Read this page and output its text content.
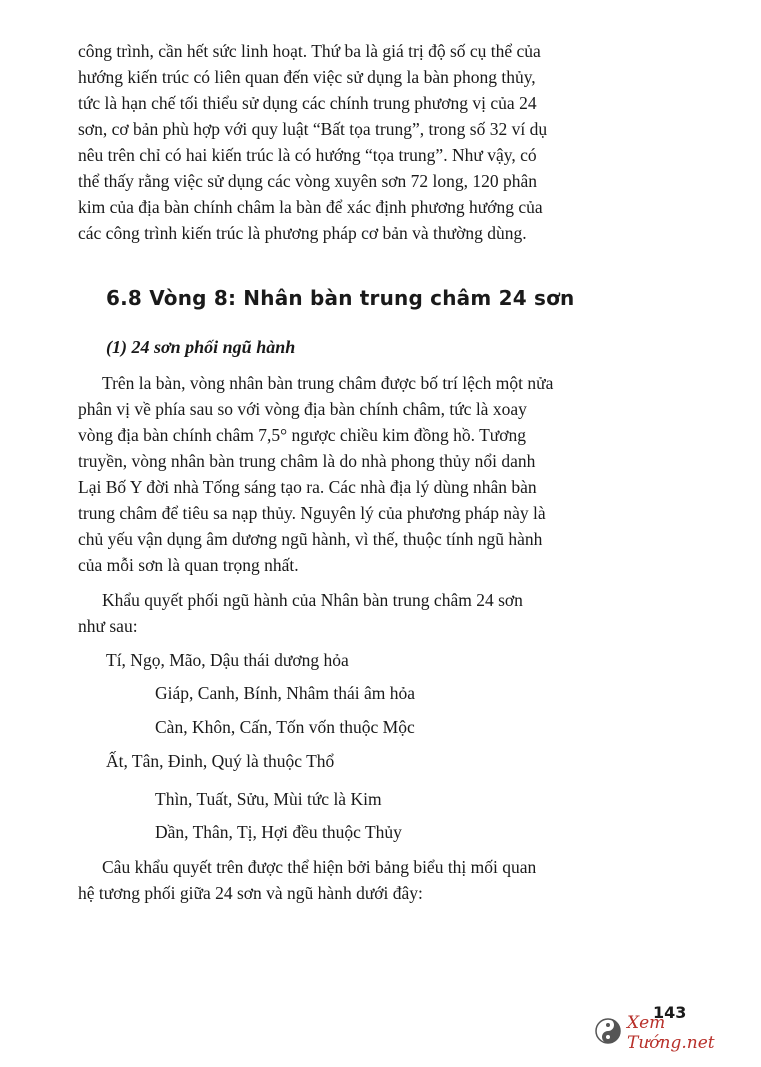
công trình, cần hết sức linh hoạt. Thứ ba là giá trị độ số cụ thể của
hướng kiến trúc có liên quan đến việc sử dụng la bàn phong thủy,
tức là hạn chế tối thiểu sử dụng các chính trung phương vị của 24
sơn, cơ bản phù hợp với quy luật “Bất tọa trung”, trong số 32 ví dụ
nêu trên chỉ có hai kiến trúc là có hướng “tọa trung”. Như vậy, có
thể thấy rằng việc sử dụng các vòng xuyên sơn 72 long, 120 phân
kim của địa bàn chính châm la bàn để xác định phương hướng của
các công trình kiến trúc là phương pháp cơ bản và thường dùng.
6.8 Vòng 8: Nhân bàn trung châm 24 sơn
(1) 24 sơn phối ngũ hành
Trên la bàn, vòng nhân bàn trung châm được bố trí lệch một nửa
phân vị về phía sau so với vòng địa bàn chính châm, tức là xoay
vòng địa bàn chính châm 7,5° ngược chiều kim đồng hồ. Tương
truyền, vòng nhân bàn trung châm là do nhà phong thủy nổi danh
Lại Bố Y đời nhà Tống sáng tạo ra. Các nhà địa lý dùng nhân bàn
trung châm để tiêu sa nạp thủy. Nguyên lý của phương pháp này là
chủ yếu vận dụng âm dương ngũ hành, vì thế, thuộc tính ngũ hành
của mỗi sơn là quan trọng nhất.
Khẩu quyết phối ngũ hành của Nhân bàn trung châm 24 sơn
như sau:
Tí, Ngọ, Mão, Dậu thái dương hỏa
Giáp, Canh, Bính, Nhâm thái âm hỏa
Càn, Khôn, Cấn, Tốn vốn thuộc Mộc
Ất, Tân, Đinh, Quý là thuộc Thổ
Thìn, Tuất, Sửu, Mùi tức là Kim
Dần, Thân, Tị, Hợi đều thuộc Thủy
Câu khẩu quyết trên được thể hiện bởi bảng biểu thị mối quan
hệ tương phối giữa 24 sơn và ngũ hành dưới đây:
143
Xem Tướng.net
